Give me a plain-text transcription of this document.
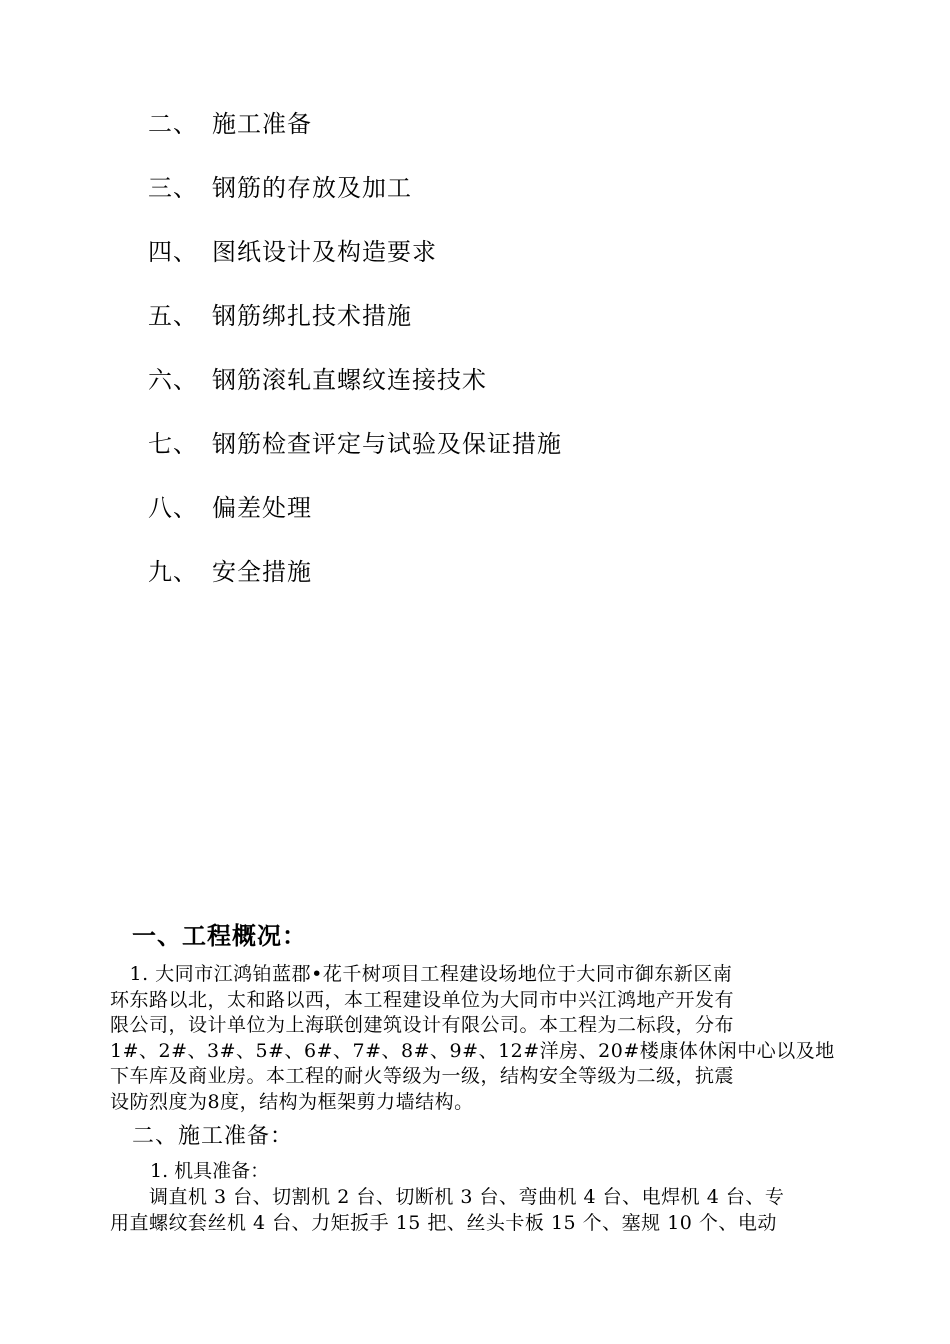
二、 施工准备
三、 钢筋的存放及加工
四、 图纸设计及构造要求
五、 钢筋绑扎技术措施
六、 钢筋滚轧直螺纹连接技术
七、 钢筋检查评定与试验及保证措施
八、 偏差处理
九、 安全措施
一、工程概况：
　1. 大同市江鸿铂蓝郡•花千树项目工程建设场地位于大同市御东新区南
环东路以北，太和路以西，本工程建设单位为大同市中兴江鸿地产开发有
限公司，设计单位为上海联创建筑设计有限公司。本工程为二标段，分布
1#、2#、3#、5#、6#、7#、8#、9#、12#洋房、20#楼康体休闲中心以及地
下车库及商业房。本工程的耐火等级为一级，结构安全等级为二级，抗震
设防烈度为8度，结构为框架剪力墙结构。
二、施工准备：
1. 机具准备：
　　调直机 3 台、切割机 2 台、切断机 3 台、弯曲机 4 台、电焊机 4 台、专
用直螺纹套丝机 4 台、力矩扳手 15 把、丝头卡板 15 个、塞规 10 个、电动
